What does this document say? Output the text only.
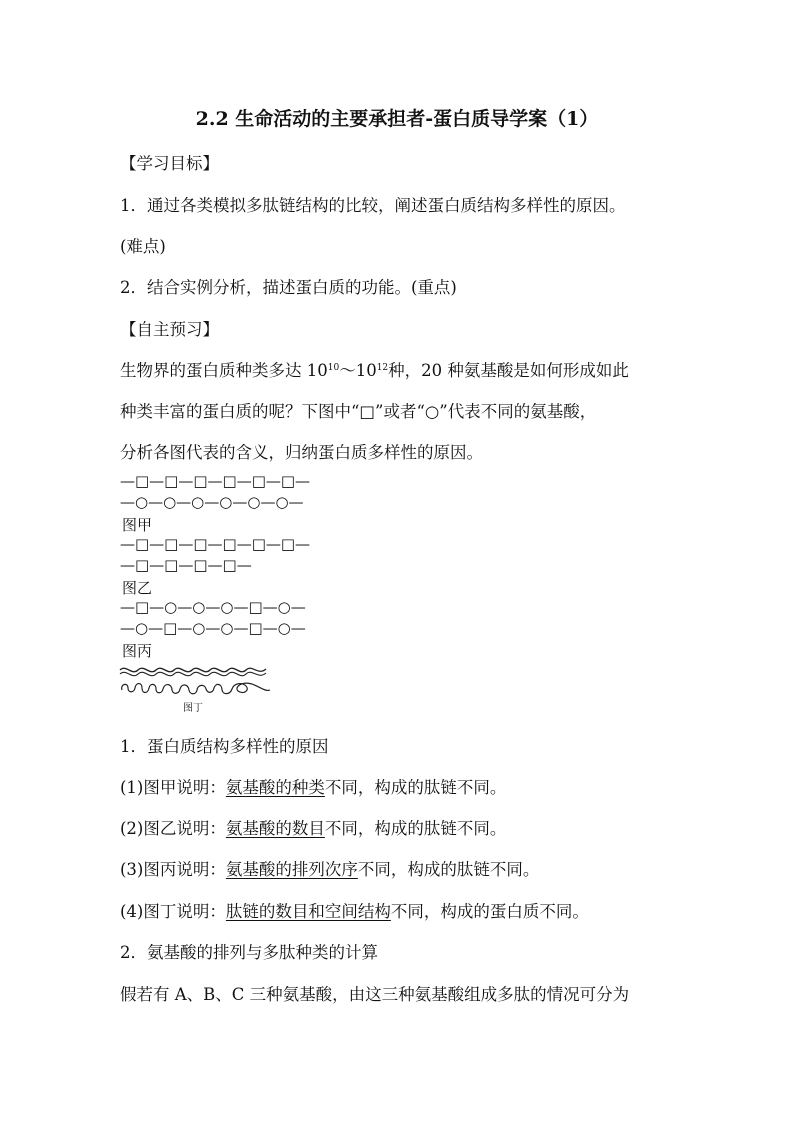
2.2 生命活动的主要承担者-蛋白质导学案（1）
【学习目标】
1．通过各类模拟多肽链结构的比较，阐述蛋白质结构多样性的原因。
(难点)
2．结合实例分析，描述蛋白质的功能。(重点)
【自主预习】
生物界的蛋白质种类多达 $10^{10}\sim 10^{12}$种，20 种氨基酸是如何形成如此
种类丰富的蛋白质的呢？下图中“□”或者“○”代表不同的氨基酸，
分析各图代表的含义，归纳蛋白质多样性的原因。
—□—□—□—□—□—□—
—○—○—○—○—○—○—
图甲
—□—□—□—□—□—□—
—□—□—□—□—
图乙
—□—○—○—○—□—○—
—○—□—○—○—□—○—
图丙
图丁
1．蛋白质结构多样性的原因
(1)图甲说明：氨基酸的种类不同，构成的肽链不同。
(2)图乙说明：氨基酸的数目不同，构成的肽链不同。
(3)图丙说明：氨基酸的排列次序不同，构成的肽链不同。
(4)图丁说明：肽链的数目和空间结构不同，构成的蛋白质不同。
2．氨基酸的排列与多肽种类的计算
假若有 A、B、C 三种氨基酸，由这三种氨基酸组成多肽的情况可分为
